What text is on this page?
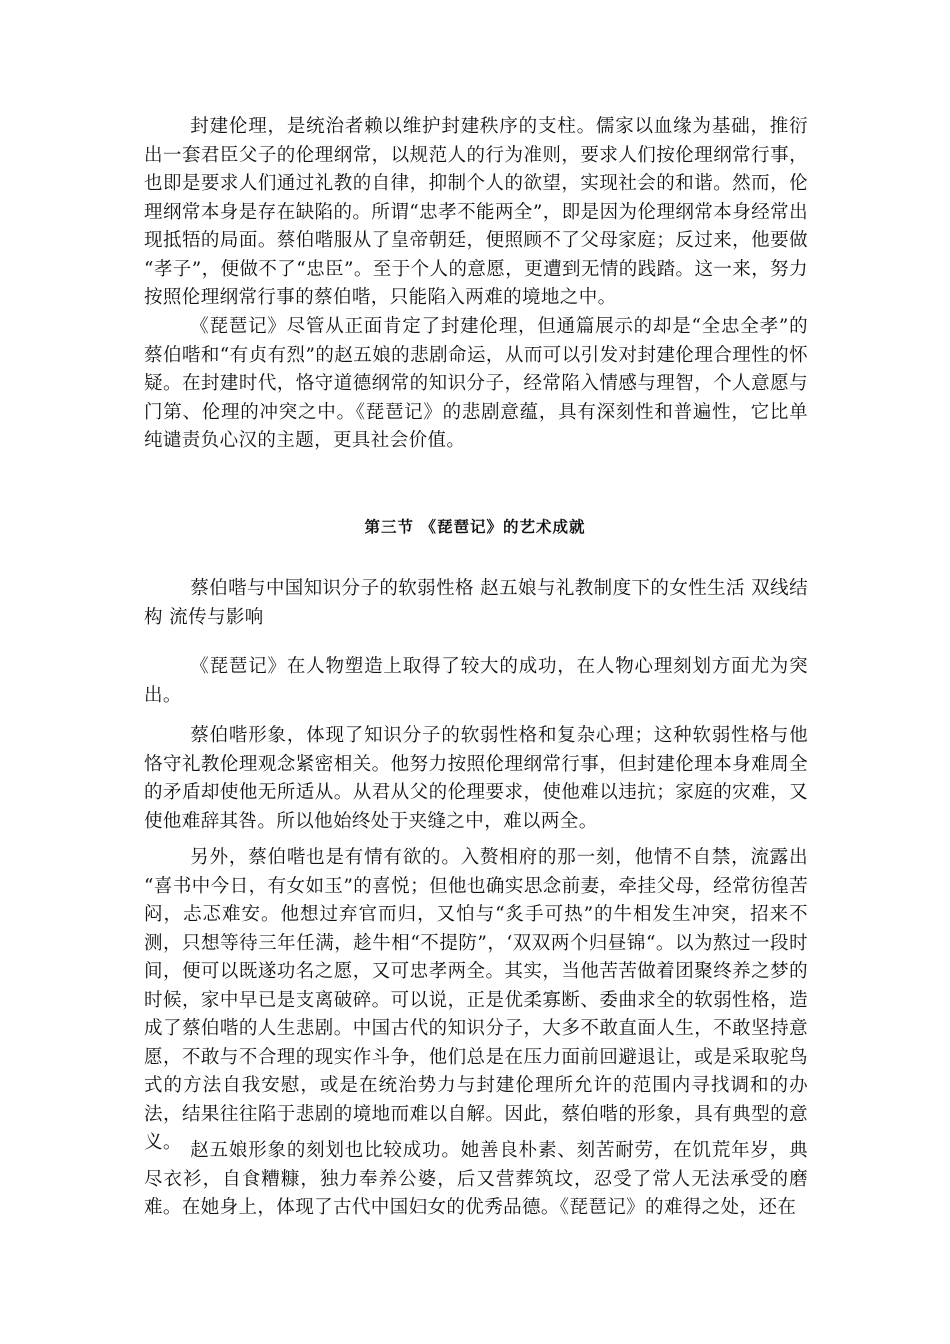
封建伦理，是统治者赖以维护封建秩序的支柱。儒家以血缘为基础，推衍出一套君臣父子的伦理纲常，以规范人的行为准则，要求人们按伦理纲常行事，也即是要求人们通过礼教的自律，抑制个人的欲望，实现社会的和谐。然而，伦理纲常本身是存在缺陷的。所谓“忠孝不能两全”，即是因为伦理纲常本身经常出现抵牾的局面。蔡伯喈服从了皇帝朝廷，便照顾不了父母家庭；反过来，他要做 “孝子”，便做不了“忠臣”。至于个人的意愿，更遭到无情的践踏。这一来，努力按照伦理纲常行事的蔡伯喈，只能陷入两难的境地之中。

《琵琶记》尽管从正面肯定了封建伦理，但通篇展示的却是“全忠全孝”的蔡伯喈和“有贞有烈”的赵五娘的悲剧命运，从而可以引发对封建伦理合理性的怀疑。在封建时代，恪守道德纲常的知识分子，经常陷入情感与理智，个人意愿与门第、伦理的冲突之中。《琵琶记》的悲剧意蕴，具有深刻性和普遍性，它比单纯谴责负心汉的主题，更具社会价值。

第三节 《琵琶记》的艺术成就

蔡伯喈与中国知识分子的软弱性格 赵五娘与礼教制度下的女性生活 双线结构 流传与影响

《琵琶记》在人物塑造上取得了较大的成功，在人物心理刻划方面尤为突出。

蔡伯喈形象，体现了知识分子的软弱性格和复杂心理；这种软弱性格与他恪守礼教伦理观念紧密相关。他努力按照伦理纲常行事，但封建伦理本身难周全的矛盾却使他无所适从。从君从父的伦理要求，使他难以违抗；家庭的灾难，又使他难辞其咎。所以他始终处于夹缝之中，难以两全。

另外，蔡伯喈也是有情有欲的。入赘相府的那一刻，他情不自禁，流露出 “喜书中今日，有女如玉”的喜悦；但他也确实思念前妻，牵挂父母，经常彷徨苦闷，忐忑难安。他想过弃官而归，又怕与“炙手可热”的牛相发生冲突，招来不测，只想等待三年任满，趁牛相“不提防”，‘双双两个归昼锦“。以为熬过一段时间，便可以既遂功名之愿，又可忠孝两全。其实，当他苦苦做着团聚终养之梦的时候，家中早已是支离破碎。可以说，正是优柔寡断、委曲求全的软弱性格，造成了蔡伯喈的人生悲剧。中国古代的知识分子，大多不敢直面人生，不敢坚持意愿，不敢与不合理的现实作斗争，他们总是在压力面前回避退让，或是采取驼鸟式的方法自我安慰，或是在统治势力与封建伦理所允许的范围内寻找调和的办法，结果往往陷于悲剧的境地而难以自解。因此，蔡伯喈的形象，具有典型的意义。 赵五娘形象的刻划也比较成功。她善良朴素、刻苦耐劳，在饥荒年岁，典尽衣衫，自食糟糠，独力奉养公婆，后又营葬筑坟，忍受了常人无法承受的磨难。在她身上，体现了古代中国妇女的优秀品德。《琵琶记》的难得之处，还在
